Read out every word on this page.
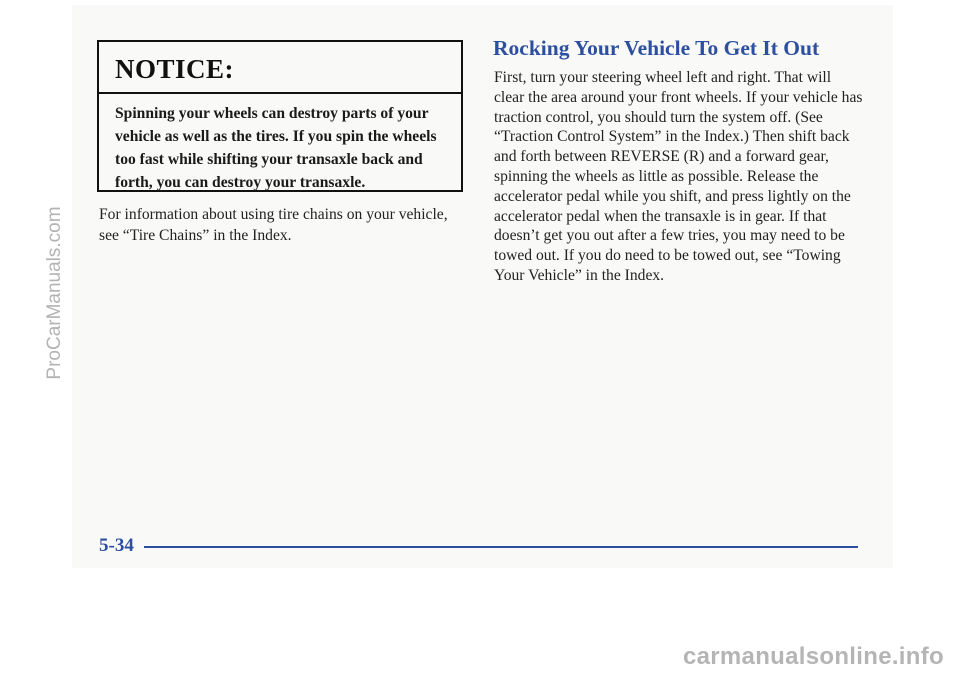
NOTICE:
Spinning your wheels can destroy parts of your vehicle as well as the tires. If you spin the wheels too fast while shifting your transaxle back and forth, you can destroy your transaxle.
For information about using tire chains on your vehicle, see “Tire Chains” in the Index.
Rocking Your Vehicle To Get It Out
First, turn your steering wheel left and right. That will clear the area around your front wheels. If your vehicle has traction control, you should turn the system off. (See “Traction Control System” in the Index.) Then shift back and forth between REVERSE (R) and a forward gear, spinning the wheels as little as possible. Release the accelerator pedal while you shift, and press lightly on the accelerator pedal when the transaxle is in gear. If that doesn’t get you out after a few tries, you may need to be towed out. If you do need to be towed out, see “Towing Your Vehicle” in the Index.
5-34
ProCarManuals.com
carmanualsonline.info
